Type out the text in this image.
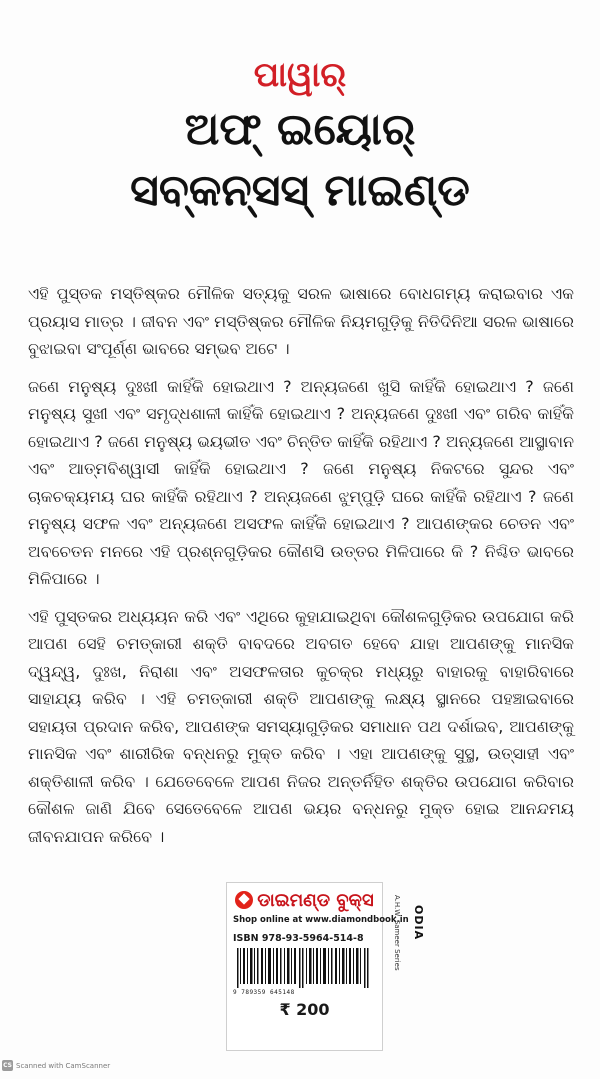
ପାୱାର୍
ଅଫ୍ ଇୟୋର୍
ସବ୍‌କନ୍‌ସସ୍ ମାଇଣ୍ଡ

ଏହି ପୁସ୍ତକ ମସ୍ତିଷ୍କର ମୌଳିକ ସତ୍ୟକୁ ସରଳ ଭାଷାରେ ବୋଧଗମ୍ୟ କରାଇବାର ଏକ ପ୍ରୟାସ ମାତ୍ର । ଜୀବନ ଏବଂ ମସ୍ତିଷ୍କର ମୌଳିକ ନିୟମଗୁଡ଼ିକୁ ନିତିଦିନିଆ ସରଳ ଭାଷାରେ ବୁଝାଇବା ସଂପୂର୍ଣ୍ଣ ଭାବରେ ସମ୍ଭବ ଅଟେ ।

ଜଣେ ମନୁଷ୍ୟ ଦୁଃଖୀ କାହିଁକି ହୋଇଥାଏ ? ଅନ୍ୟଜଣେ ଖୁସି କାହିଁକି ହୋଇଥାଏ ? ଜଣେ ମନୁଷ୍ୟ ସୁଖୀ ଏବଂ ସମୃଦ୍ଧଶାଳୀ କାହିଁକି ହୋଇଥାଏ ? ଅନ୍ୟଜଣେ ଦୁଃଖୀ ଏବଂ ଗରିବ କାହିଁକି ହୋଇଥାଏ ? ଜଣେ ମନୁଷ୍ୟ ଭୟଭୀତ ଏବଂ ଚିନ୍ତିତ କାହିଁକି ରହିଥାଏ ? ଅନ୍ୟଜଣେ ଆସ୍ଥାବାନ ଏବଂ ଆତ୍ମବିଶ୍ୱାସୀ କାହିଁକି ହୋଇଥାଏ ? ଜଣେ ମନୁଷ୍ୟ ନିକଟରେ ସୁନ୍ଦର ଏବଂ ଚାକଚକ୍ୟମୟ ଘର କାହିଁକି ରହିଥାଏ ? ଅନ୍ୟଜଣେ ଝୁମ୍ପୁଡ଼ି ଘରେ କାହିଁକି ରହିଥାଏ ? ଜଣେ ମନୁଷ୍ୟ ସଫଳ ଏବଂ ଅନ୍ୟଜଣେ ଅସଫଳ କାହିଁକି ହୋଇଥାଏ ? ଆପଣଙ୍କର ଚେତନ ଏବଂ ଅବଚେତନ ମନରେ ଏହି ପ୍ରଶ୍ନଗୁଡ଼ିକର କୌଣସି ଉତ୍ତର ମିଳିପାରେ କି ? ନିଶ୍ଚିତ ଭାବରେ ମିଳିପାରେ ।

ଏହି ପୁସ୍ତକର ଅଧ୍ୟୟନ କରି ଏବଂ ଏଥିରେ କୁହାଯାଇଥିବା କୌଶଳଗୁଡ଼ିକର ଉପଯୋଗ କରି ଆପଣ ସେହି ଚମତ୍କାରୀ ଶକ୍ତି ବାବଦରେ ଅବଗତ ହେବେ ଯାହା ଆପଣଙ୍କୁ ମାନସିକ ଦ୍ୱନ୍ଦ୍ୱ, ଦୁଃଖ, ନିରାଶା ଏବଂ ଅସଫଳତାର କୁଚକ୍ର ମଧ୍ୟରୁ ବାହାରକୁ ବାହାରିବାରେ ସାହାଯ୍ୟ କରିବ । ଏହି ଚମତ୍କାରୀ ଶକ୍ତି ଆପଣଙ୍କୁ ଲକ୍ଷ୍ୟ ସ୍ଥାନରେ ପହଞ୍ଚାଇବାରେ ସହାୟତା ପ୍ରଦାନ କରିବ, ଆପଣଙ୍କ ସମସ୍ୟାଗୁଡ଼ିକର ସମାଧାନ ପଥ ଦର୍ଶାଇବ, ଆପଣଙ୍କୁ ମାନସିକ ଏବଂ ଶାରୀରିକ ବନ୍ଧନରୁ ମୁକ୍ତ କରିବ । ଏହା ଆପଣଙ୍କୁ ସୁସ୍ଥ, ଉତ୍ସାହୀ ଏବଂ ଶକ୍ତିଶାଳୀ କରିବ । ଯେତେବେଳେ ଆପଣ ନିଜର ଅନ୍ତର୍ନିହିତ ଶକ୍ତିର ଉପଯୋଗ କରିବାର କୌଶଳ ଜାଣି ଯିବେ ସେତେବେଳେ ଆପଣ ଭୟର ବନ୍ଧନରୁ ମୁକ୍ତ ହୋଇ ଆନନ୍ଦମୟ ଜୀବନଯାପନ କରିବେ ।

ଡାଇମଣ୍ଡ ବୁକ୍ସ
Shop online at www.diamondbook.in
ISBN 978-93-5964-514-8
9 789359 645148
₹ 200
A.H.W. Sameer Series ODIA
CS Scanned with CamScanner
